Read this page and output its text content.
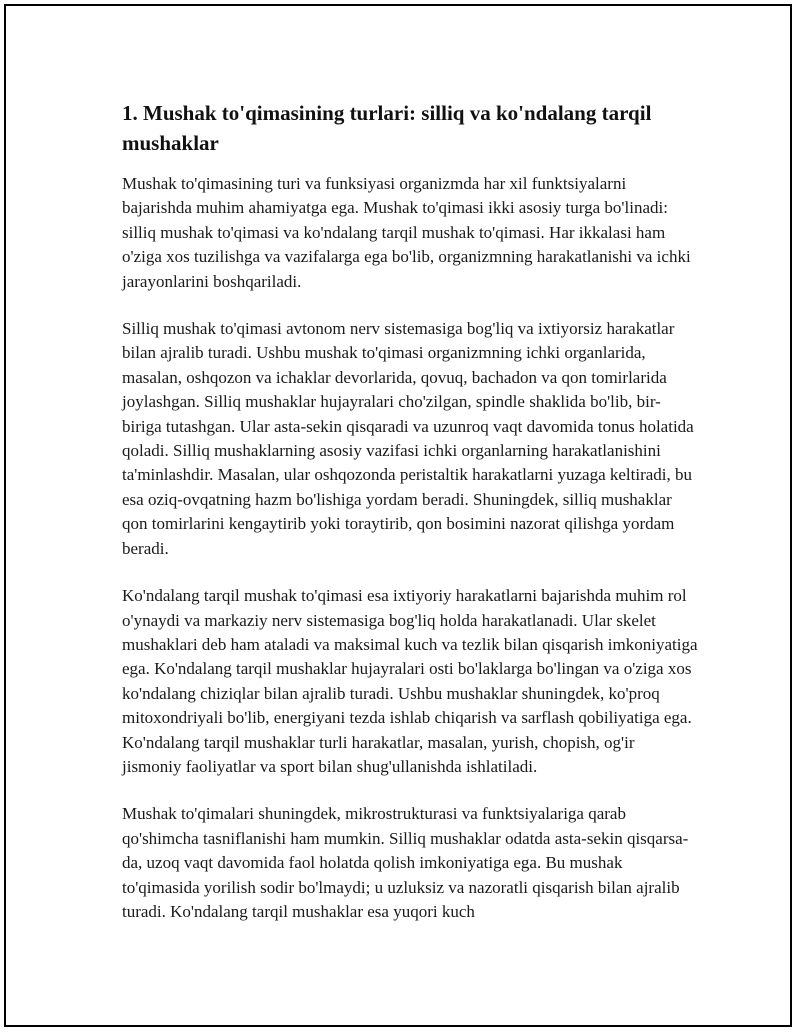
1. Mushak to'qimasining turlari: silliq va ko'ndalang tarqil mushaklar

Mushak to'qimasining turi va funksiyasi organizmda har xil funktsiyalarni bajarishda muhim ahamiyatga ega. Mushak to'qimasi ikki asosiy turga bo'linadi: silliq mushak to'qimasi va ko'ndalang tarqil mushak to'qimasi. Har ikkalasi ham o'ziga xos tuzilishga va vazifalarga ega bo'lib, organizmning harakatlanishi va ichki jarayonlarini boshqariladi.

Silliq mushak to'qimasi avtonom nerv sistemasiga bog'liq va ixtiyorsiz harakatlar bilan ajralib turadi. Ushbu mushak to'qimasi organizmning ichki organlarida, masalan, oshqozon va ichaklar devorlarida, qovuq, bachadon va qon tomirlarida joylashgan. Silliq mushaklar hujayralari cho'zilgan, spindle shaklida bo'lib, bir-biriga tutashgan. Ular asta-sekin qisqaradi va uzunroq vaqt davomida tonus holatida qoladi. Silliq mushaklarning asosiy vazifasi ichki organlarning harakatlanishini ta'minlashdir. Masalan, ular oshqozonda peristaltik harakatlarni yuzaga keltiradi, bu esa oziq-ovqatning hazm bo'lishiga yordam beradi. Shuningdek, silliq mushaklar qon tomirlarini kengaytirib yoki toraytirib, qon bosimini nazorat qilishga yordam beradi.

Ko'ndalang tarqil mushak to'qimasi esa ixtiyoriy harakatlarni bajarishda muhim rol o'ynaydi va markaziy nerv sistemasiga bog'liq holda harakatlanadi. Ular skelet mushaklari deb ham ataladi va maksimal kuch va tezlik bilan qisqarish imkoniyatiga ega. Ko'ndalang tarqil mushaklar hujayralari osti bo'laklarga bo'lingan va o'ziga xos ko'ndalang chiziqlar bilan ajralib turadi. Ushbu mushaklar shuningdek, ko'proq mitoxondriyali bo'lib, energiyani tezda ishlab chiqarish va sarflash qobiliyatiga ega. Ko'ndalang tarqil mushaklar turli harakatlar, masalan, yurish, chopish, og'ir jismoniy faoliyatlar va sport bilan shug'ullanishda ishlatiladi.

Mushak to'qimalari shuningdek, mikrostrukturasi va funktsiyalariga qarab qo'shimcha tasniflanishi ham mumkin. Silliq mushaklar odatda asta-sekin qisqarsa-da, uzoq vaqt davomida faol holatda qolish imkoniyatiga ega. Bu mushak to'qimasida yorilish sodir bo'lmaydi; u uzluksiz va nazoratli qisqarish bilan ajralib turadi. Ko'ndalang tarqil mushaklar esa yuqori kuch
